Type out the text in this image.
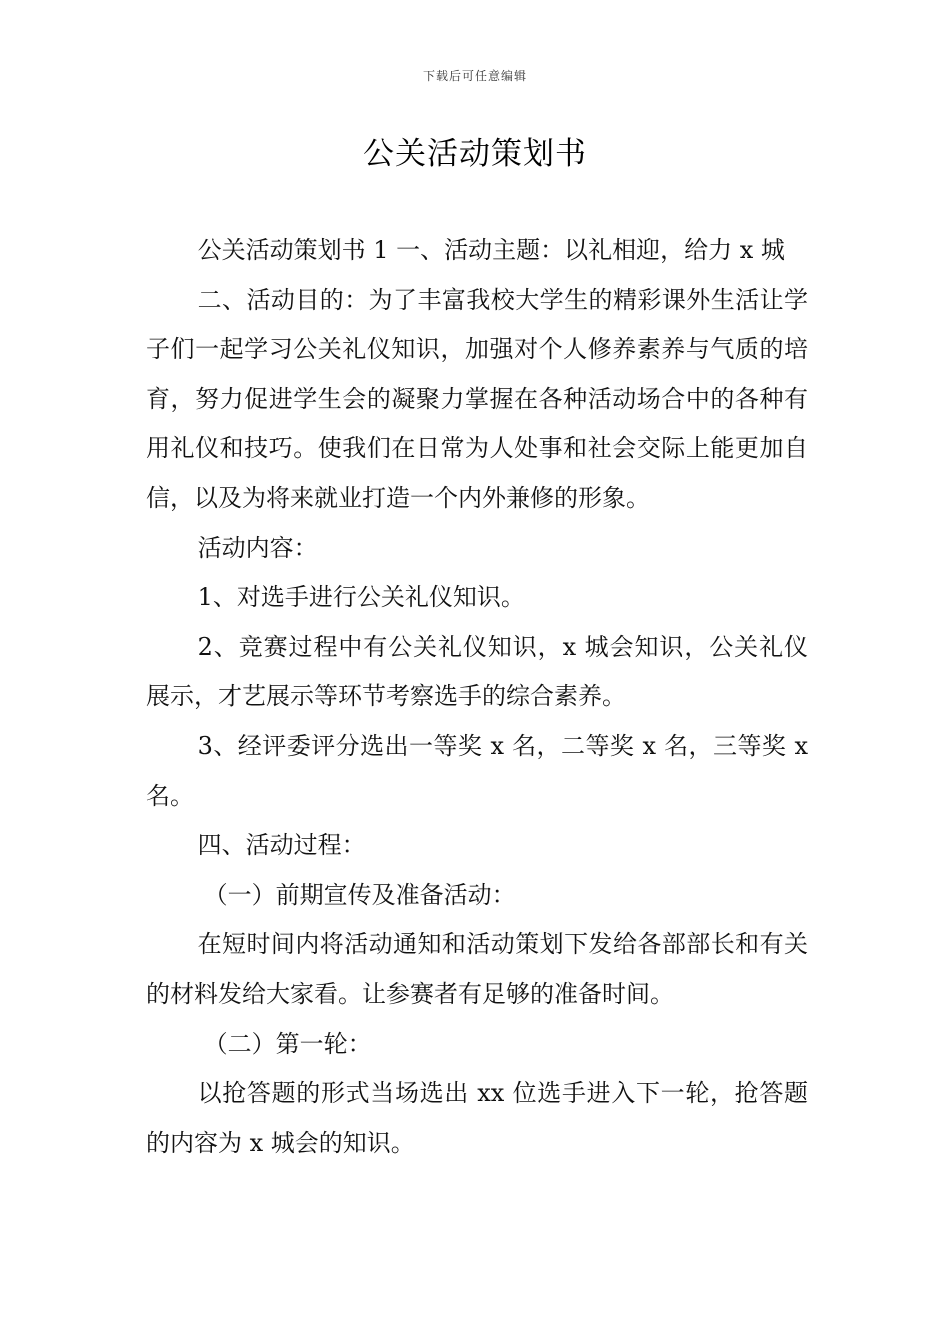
下载后可任意编辑
公关活动策划书

公关活动策划书 1 一、活动主题：以礼相迎，给力 x 城

二、活动目的：为了丰富我校大学生的精彩课外生活让学子们一起学习公关礼仪知识，加强对个人修养素养与气质的培育，努力促进学生会的凝聚力掌握在各种活动场合中的各种有用礼仪和技巧。使我们在日常为人处事和社会交际上能更加自信，以及为将来就业打造一个内外兼修的形象。

活动内容：

1、对选手进行公关礼仪知识。

2、竞赛过程中有公关礼仪知识，x 城会知识，公关礼仪展示，才艺展示等环节考察选手的综合素养。

3、经评委评分选出一等奖 x 名，二等奖 x 名，三等奖 x 名。

四、活动过程：

（一）前期宣传及准备活动：

在短时间内将活动通知和活动策划下发给各部部长和有关的材料发给大家看。让参赛者有足够的准备时间。

（二）第一轮：

以抢答题的形式当场选出 xx 位选手进入下一轮，抢答题的内容为 x 城会的知识。
